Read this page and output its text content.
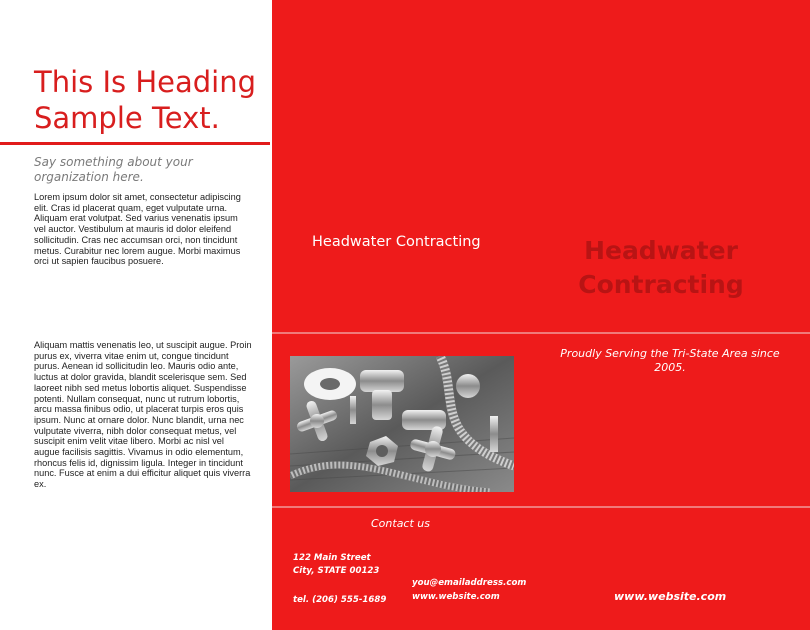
This Is Heading
Sample Text.
Say something about your organization here.
Lorem ipsum dolor sit amet, consectetur adipiscing elit. Cras id placerat quam, eget vulputate urna. Aliquam erat volutpat. Sed varius venenatis ipsum vel auctor. Vestibulum at mauris id dolor eleifend sollicitudin. Cras nec accumsan orci, non tincidunt metus. Curabitur nec lorem augue. Morbi maximus orci ut sapien faucibus posuere.
Aliquam mattis venenatis leo, ut suscipit augue. Proin purus ex, viverra vitae enim ut, congue tincidunt purus. Aenean id sollicitudin leo. Mauris odio ante, luctus at dolor gravida, blandit scelerisque sem. Sed laoreet nibh sed metus lobortis aliquet. Suspendisse potenti. Nullam consequat, nunc ut rutrum lobortis, arcu massa finibus odio, ut placerat turpis eros quis ipsum. Nunc at ornare dolor. Nunc blandit, urna nec vulputate viverra, nibh dolor consequat metus, vel suscipit enim velit vitae libero. Morbi ac nisl vel augue facilisis sagittis. Vivamus in odio elementum, rhoncus felis id, dignissim ligula. Integer in tincidunt nunc. Fusce at enim a dui efficitur aliquet quis viverra ex.
Headwater Contracting	Headwater
Contracting
Proudly Serving the Tri-State Area since 2005.
Contact us
122 Main Street
City, STATE 00123
tel. (206) 555-1689
you@emailaddress.com
www.website.com	www.website.com
